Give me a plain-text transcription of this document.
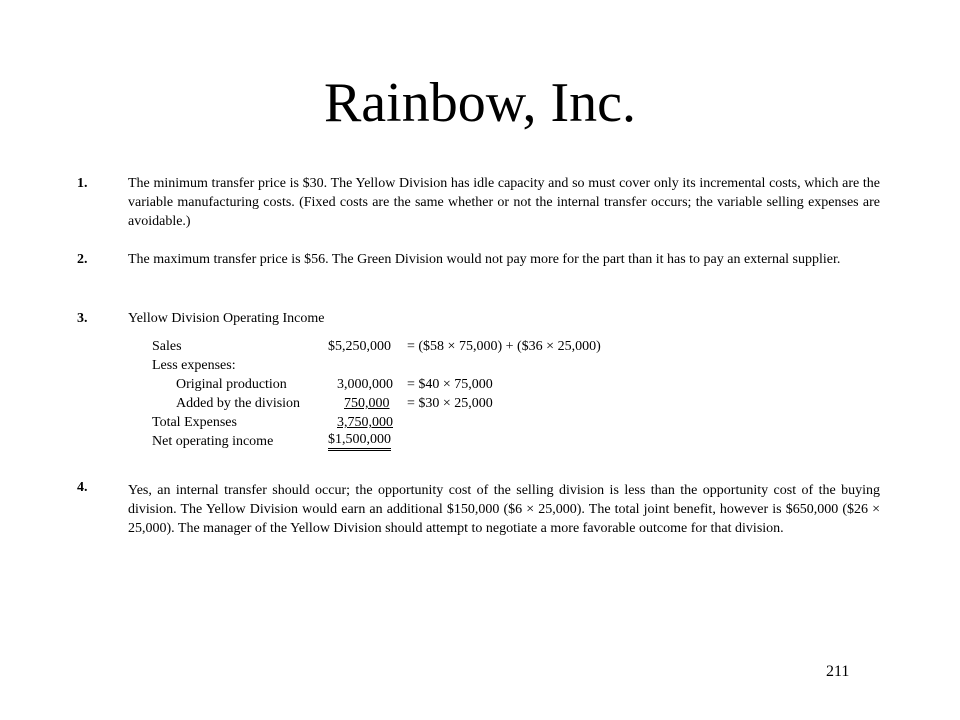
Rainbow, Inc.
1.	The minimum transfer price is $30. The Yellow Division has idle capacity and so must cover only its incremental costs, which are the variable manufacturing costs. (Fixed costs are the same whether or not the internal transfer occurs; the variable selling expenses are avoidable.)
2.	The maximum transfer price is $56. The Green Division would not pay more for the part than it has to pay an external supplier.
3.	Yellow Division Operating Income
Sales	$5,250,000 = ($58 × 75,000) + ($36 × 25,000)
Less expenses:
Original production	3,000,000 = $40 × 75,000
Added by the division	750,000 = $30 × 25,000
Total Expenses	3,750,000
Net operating income	$1,500,000
4.	Yes, an internal transfer should occur; the opportunity cost of the selling division is less than the opportunity cost of the buying division. The Yellow Division would earn an additional $150,000 ($6 × 25,000). The total joint benefit, however is $650,000 ($26 × 25,000). The manager of the Yellow Division should attempt to negotiate a more favorable outcome for that division.
211
